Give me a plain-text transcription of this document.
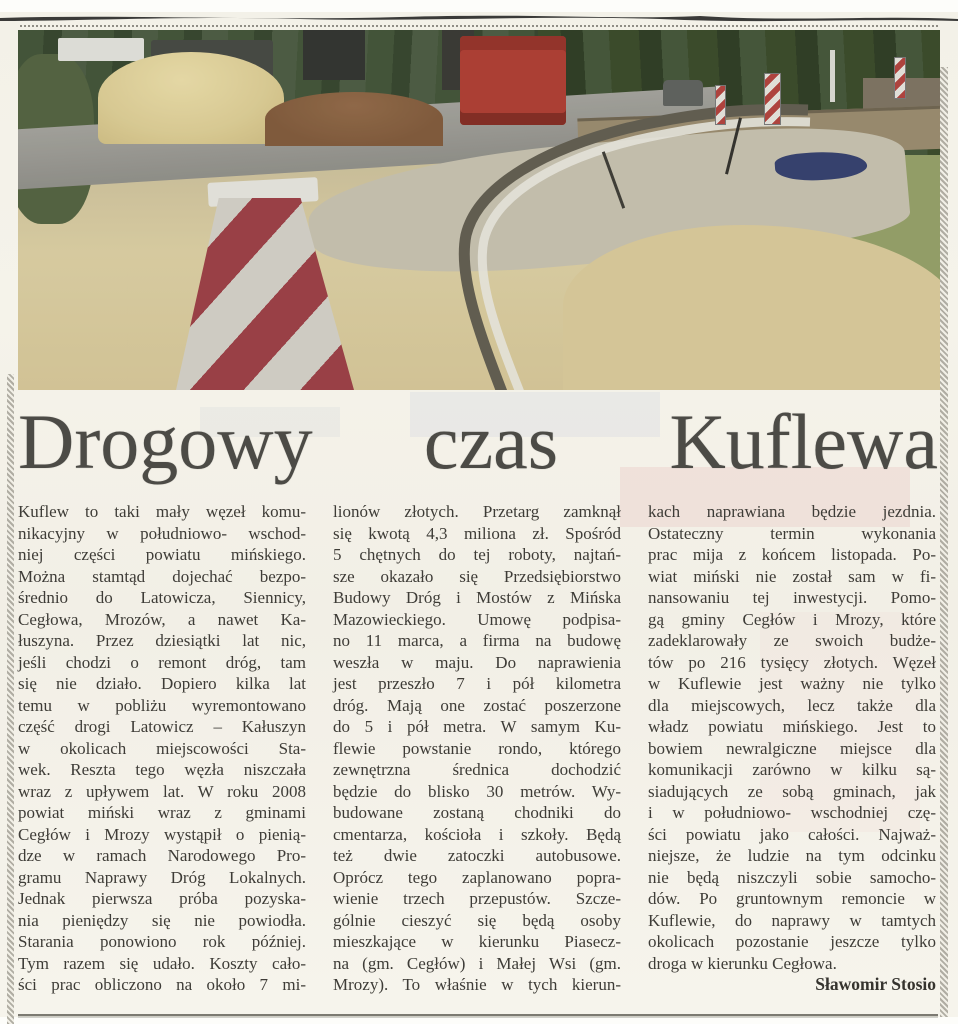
Drogowy czas Kuflewa
Kuflew to taki mały węzeł komu-
nikacyjny w południowo- wschod-
niej części powiatu mińskiego.
Można stamtąd dojechać bezpo-
średnio do Latowicza, Siennicy,
Cegłowa, Mrozów, a nawet Ka-
łuszyna. Przez dziesiątki lat nic,
jeśli chodzi o remont dróg, tam
się nie działo. Dopiero kilka lat
temu w pobliżu wyremontowano
część drogi Latowicz – Kałuszyn
w okolicach miejscowości Sta-
wek. Reszta tego węzła niszczała
wraz z upływem lat. W roku 2008
powiat miński wraz z gminami
Cegłów i Mrozy wystąpił o pienią-
dze w ramach Narodowego Pro-
gramu Naprawy Dróg Lokalnych.
Jednak pierwsza próba pozyska-
nia pieniędzy się nie powiodła.
Starania ponowiono rok później.
Tym razem się udało. Koszty cało-
ści prac obliczono na około 7 mi-
lionów złotych. Przetarg zamknął
się kwotą 4,3 miliona zł. Spośród
5 chętnych do tej roboty, najtań-
sze okazało się Przedsiębiorstwo
Budowy Dróg i Mostów z Mińska
Mazowieckiego. Umowę podpisa-
no 11 marca, a firma na budowę
weszła w maju. Do naprawienia
jest przeszło 7 i pół kilometra
dróg. Mają one zostać poszerzone
do 5 i pół metra. W samym Ku-
flewie powstanie rondo, którego
zewnętrzna średnica dochodzić
będzie do blisko 30 metrów. Wy-
budowane zostaną chodniki do
cmentarza, kościoła i szkoły. Będą
też dwie zatoczki autobusowe.
Oprócz tego zaplanowano popra-
wienie trzech przepustów. Szcze-
gólnie cieszyć się będą osoby
mieszkające w kierunku Piasecz-
na (gm. Cegłów) i Małej Wsi (gm.
Mrozy). To właśnie w tych kierun-
kach naprawiana będzie jezdnia.
Ostateczny termin wykonania
prac mija z końcem listopada. Po-
wiat miński nie został sam w fi-
nansowaniu tej inwestycji. Pomo-
gą gminy Cegłów i Mrozy, które
zadeklarowały ze swoich budże-
tów po 216 tysięcy złotych. Węzeł
w Kuflewie jest ważny nie tylko
dla miejscowych, lecz także dla
władz powiatu mińskiego. Jest to
bowiem newralgiczne miejsce dla
komunikacji zarówno w kilku są-
siadujących ze sobą gminach, jak
i w południowo- wschodniej czę-
ści powiatu jako całości. Najważ-
niejsze, że ludzie na tym odcinku
nie będą niszczyli sobie samocho-
dów. Po gruntownym remoncie w
Kuflewie, do naprawy w tamtych
okolicach pozostanie jeszcze tylko
droga w kierunku Cegłowa.
Sławomir Stosio
